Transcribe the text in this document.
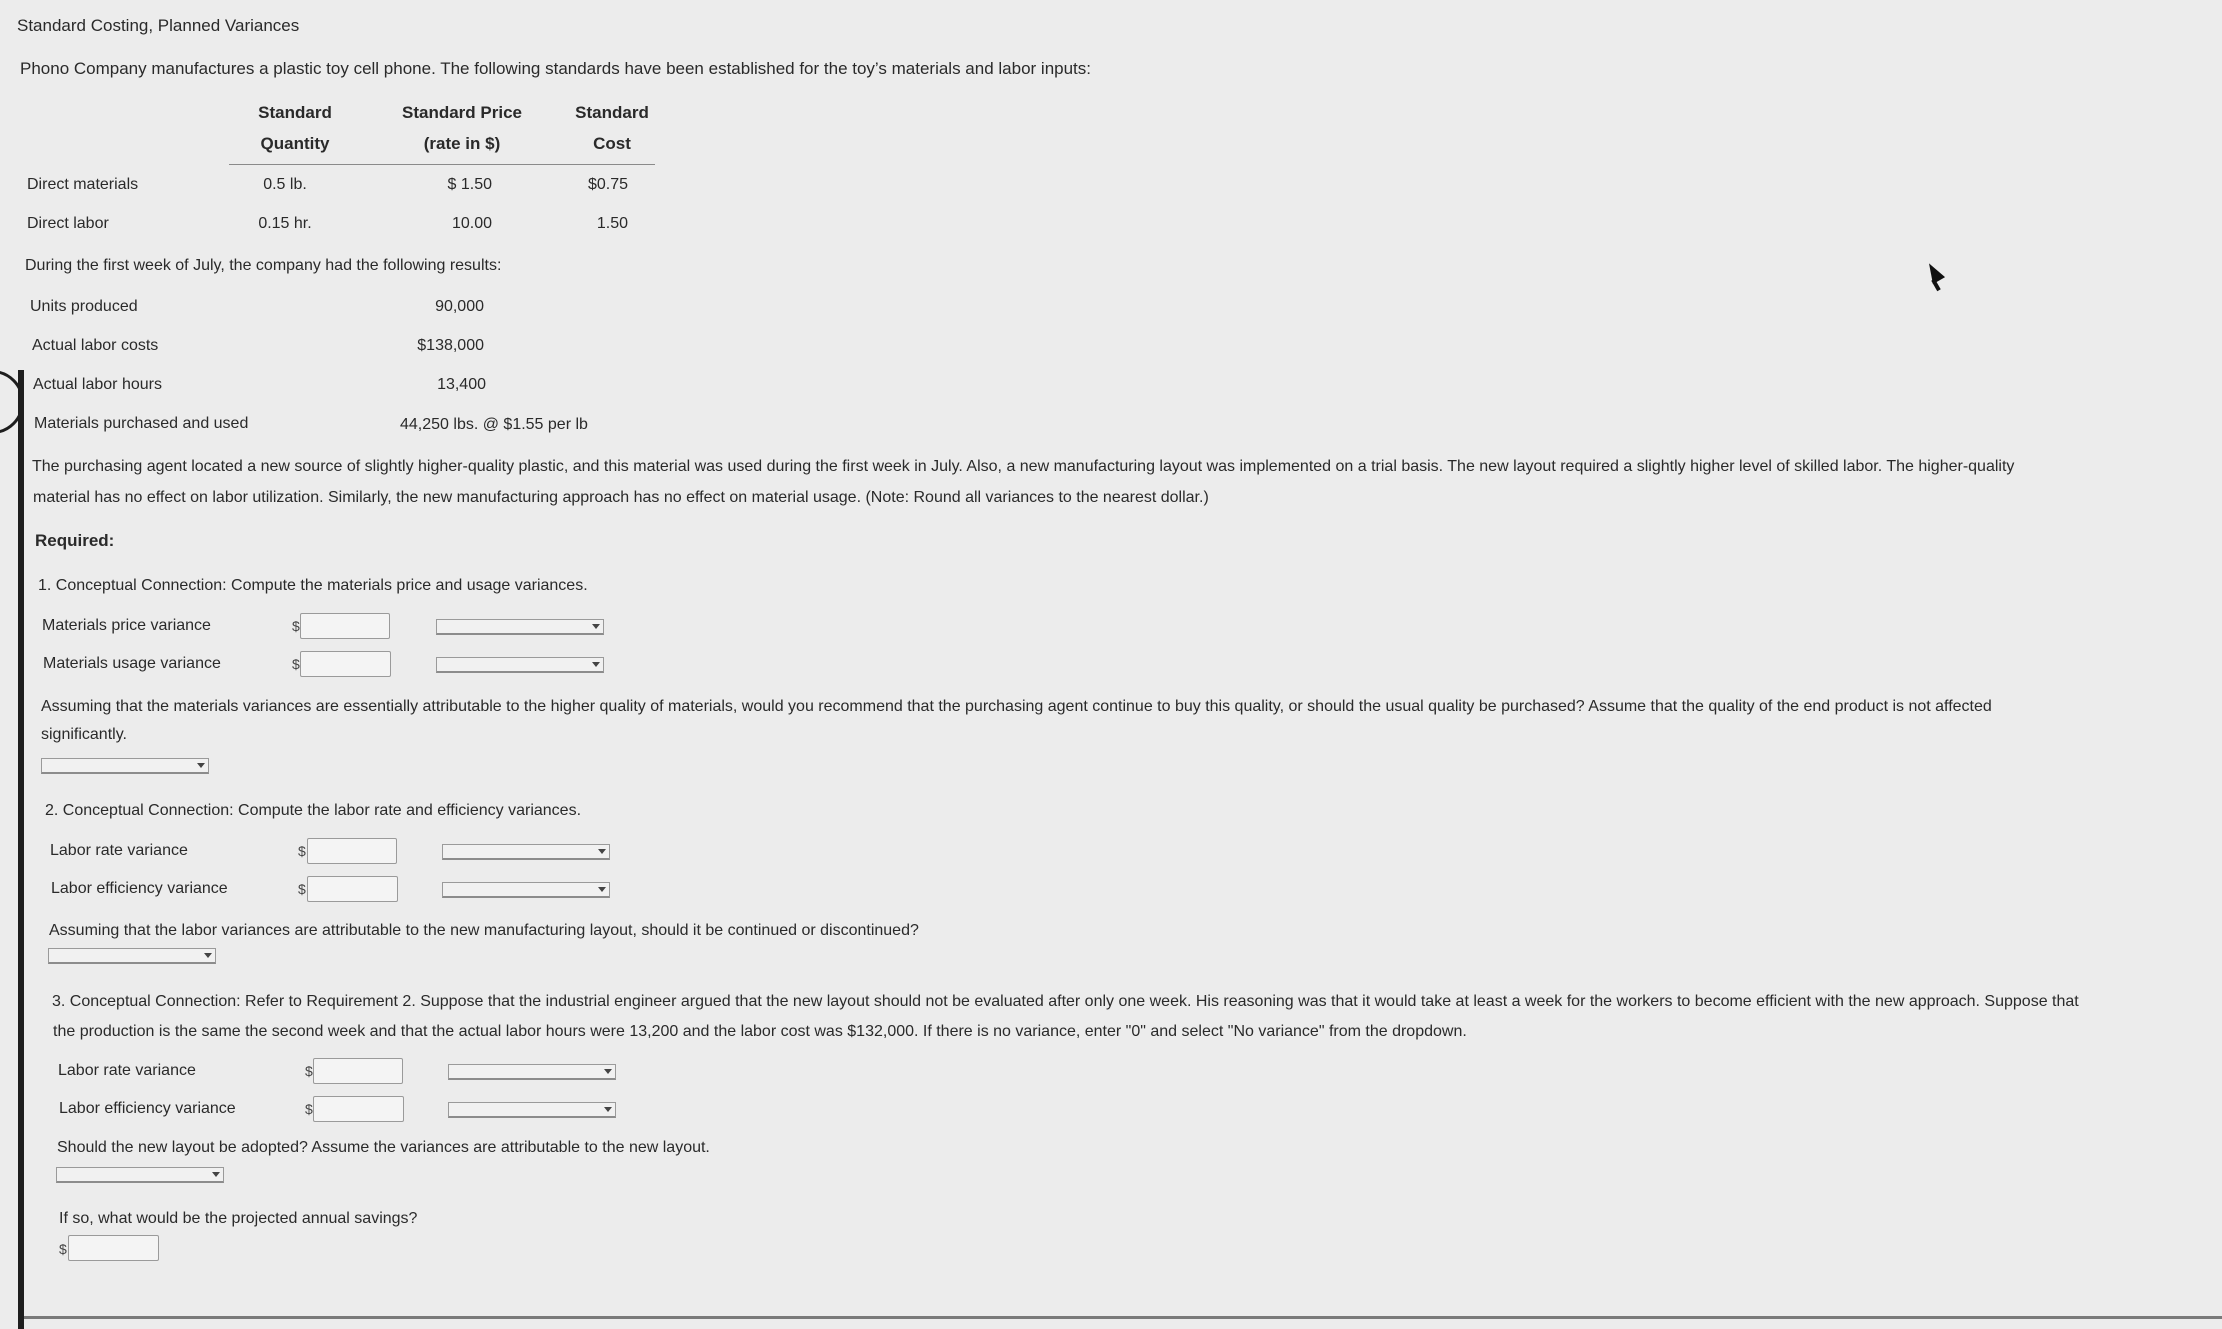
Standard Costing, Planned Variances
Phono Company manufactures a plastic toy cell phone. The following standards have been established for the toy’s materials and labor inputs:
Standard
Quantity
Standard Price
(rate in $)
Standard
Cost
Direct materials	0.5 lb.	$ 1.50	$0.75
Direct labor	0.15 hr.	10.00	1.50
During the first week of July, the company had the following results:
Units produced	90,000
Actual labor costs	$138,000
Actual labor hours	13,400
Materials purchased and used	44,250 lbs. @ $1.55 per lb
The purchasing agent located a new source of slightly higher-quality plastic, and this material was used during the first week in July. Also, a new manufacturing layout was implemented on a trial basis. The new layout required a slightly higher level of skilled labor. The higher-quality
material has no effect on labor utilization. Similarly, the new manufacturing approach has no effect on material usage. (Note: Round all variances to the nearest dollar.)
Required:
1. Conceptual Connection: Compute the materials price and usage variances.
Materials price variance	$
Materials usage variance	$
Assuming that the materials variances are essentially attributable to the higher quality of materials, would you recommend that the purchasing agent continue to buy this quality, or should the usual quality be purchased? Assume that the quality of the end product is not affected
significantly.
2. Conceptual Connection: Compute the labor rate and efficiency variances.
Labor rate variance	$
Labor efficiency variance	$
Assuming that the labor variances are attributable to the new manufacturing layout, should it be continued or discontinued?
3. Conceptual Connection: Refer to Requirement 2. Suppose that the industrial engineer argued that the new layout should not be evaluated after only one week. His reasoning was that it would take at least a week for the workers to become efficient with the new approach. Suppose that
the production is the same the second week and that the actual labor hours were 13,200 and the labor cost was $132,000. If there is no variance, enter "0" and select "No variance" from the dropdown.
Labor rate variance	$
Labor efficiency variance	$
Should the new layout be adopted? Assume the variances are attributable to the new layout.
If so, what would be the projected annual savings?
$
